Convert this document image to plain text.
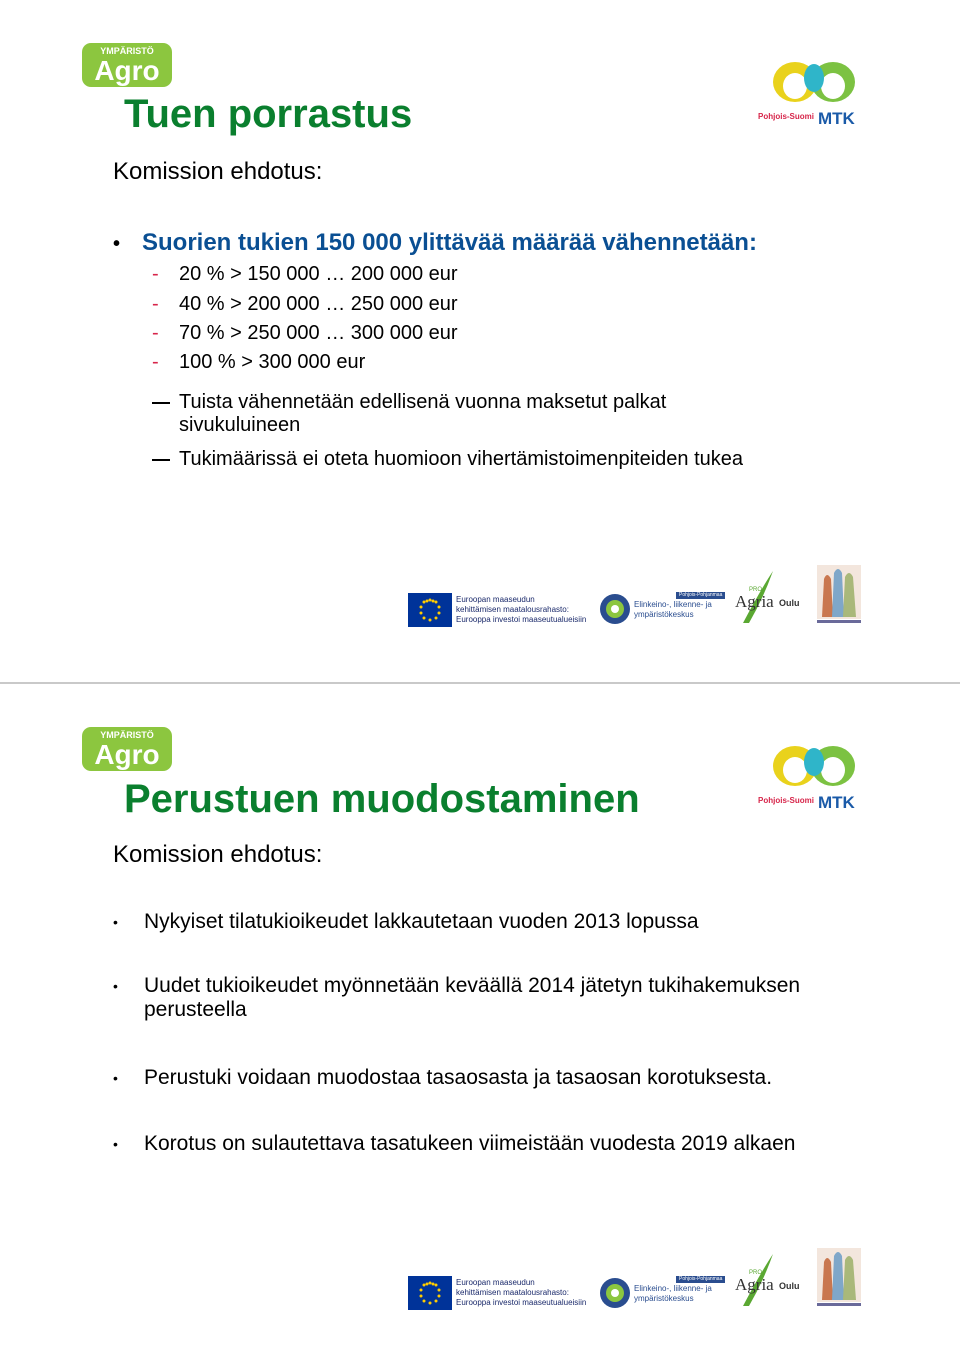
YMPÄRISTÖ
Agro
Pohjois-Suomi MTK
Tuen porrastus
Komission ehdotus:
• Suorien tukien 150 000 ylittävää määrää vähennetään:
- 20 % > 150 000 … 200 000 eur
- 40 % > 200 000 … 250 000 eur
- 70 % > 250 000 … 300 000 eur
- 100 % > 300 000 eur
Tuista vähennetään edellisenä vuonna maksetut palkat sivukuluineen
Tukimäärissä ei oteta huomioon vihertämistoimenpiteiden tukea
Euroopan maaseudun
kehittämisen maatalousrahasto:
Eurooppa investoi maaseutualueisiin
Pohjois-Pohjanmaa
Elinkeino-, liikenne- ja
ympäristökeskus
PRO
Agria Oulu
YMPÄRISTÖ
Agro
Pohjois-Suomi MTK
Perustuen muodostaminen
Komission ehdotus:
• Nykyiset tilatukioikeudet lakkautetaan vuoden 2013 lopussa
• Uudet tukioikeudet myönnetään keväällä 2014 jätetyn tukihakemuksen perusteella
• Perustuki voidaan muodostaa tasaosasta ja tasaosan korotuksesta.
• Korotus on sulautettava tasatukeen viimeistään vuodesta 2019 alkaen
Euroopan maaseudun
kehittämisen maatalousrahasto:
Eurooppa investoi maaseutualueisiin
Pohjois-Pohjanmaa
Elinkeino-, liikenne- ja
ympäristökeskus
PRO
Agria Oulu
